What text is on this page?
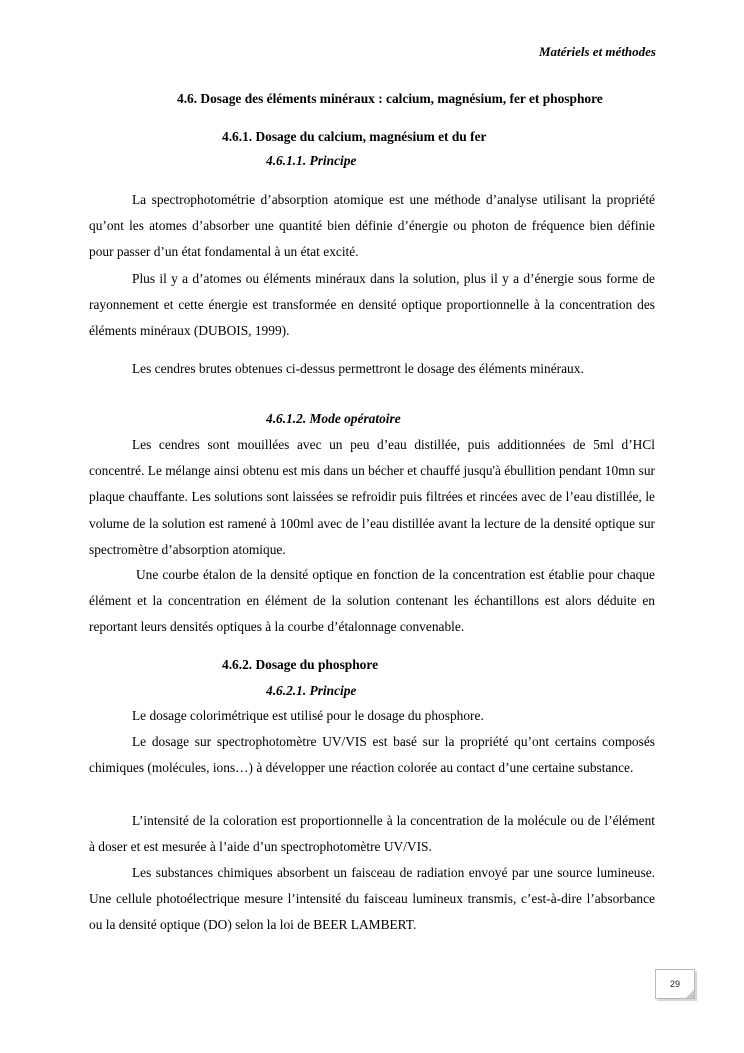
Matériels et méthodes
4.6. Dosage des éléments minéraux : calcium, magnésium, fer et phosphore
4.6.1. Dosage du calcium, magnésium et du fer
4.6.1.1. Principe
La spectrophotométrie d’absorption atomique est une méthode d’analyse utilisant la propriété qu’ont les atomes d’absorber une quantité bien définie d’énergie ou photon de fréquence bien définie pour passer d’un état fondamental à un état excité.
Plus il y a d’atomes ou éléments minéraux dans la solution, plus il y a d’énergie sous forme de rayonnement et cette énergie est transformée en densité optique proportionnelle à la concentration des éléments minéraux (DUBOIS, 1999).
Les cendres brutes obtenues ci-dessus permettront le dosage des éléments minéraux.
4.6.1.2. Mode opératoire
Les cendres sont mouillées avec un peu d’eau distillée, puis additionnées de 5ml d’HCl concentré. Le mélange ainsi obtenu est mis dans un bécher et chauffé jusqu'à ébullition pendant 10mn sur plaque chauffante. Les solutions sont laissées se refroidir puis filtrées et rincées avec de l’eau distillée, le volume de la solution est ramené à 100ml avec de l’eau distillée avant la lecture de la densité optique sur spectromètre d’absorption atomique.
Une courbe étalon de la densité optique en fonction de la concentration est établie pour chaque élément et la concentration en élément de la solution contenant les échantillons est alors déduite en reportant leurs densités optiques à la courbe d’étalonnage convenable.
4.6.2. Dosage du phosphore
4.6.2.1. Principe
Le dosage colorimétrique est utilisé pour le dosage du phosphore.
Le dosage sur spectrophotomètre UV/VIS est basé sur la propriété qu’ont certains composés chimiques (molécules, ions…) à développer une réaction colorée au contact d’une certaine substance.
L’intensité de la coloration est proportionnelle à la concentration de la molécule ou de l’élément à doser et est mesurée à l’aide d’un spectrophotomètre UV/VIS.
Les substances chimiques absorbent un faisceau de radiation envoyé par une source lumineuse. Une cellule photoélectrique mesure l’intensité du faisceau lumineux transmis, c’est-à-dire l’absorbance ou la densité optique (DO) selon la loi de BEER LAMBERT.
29
